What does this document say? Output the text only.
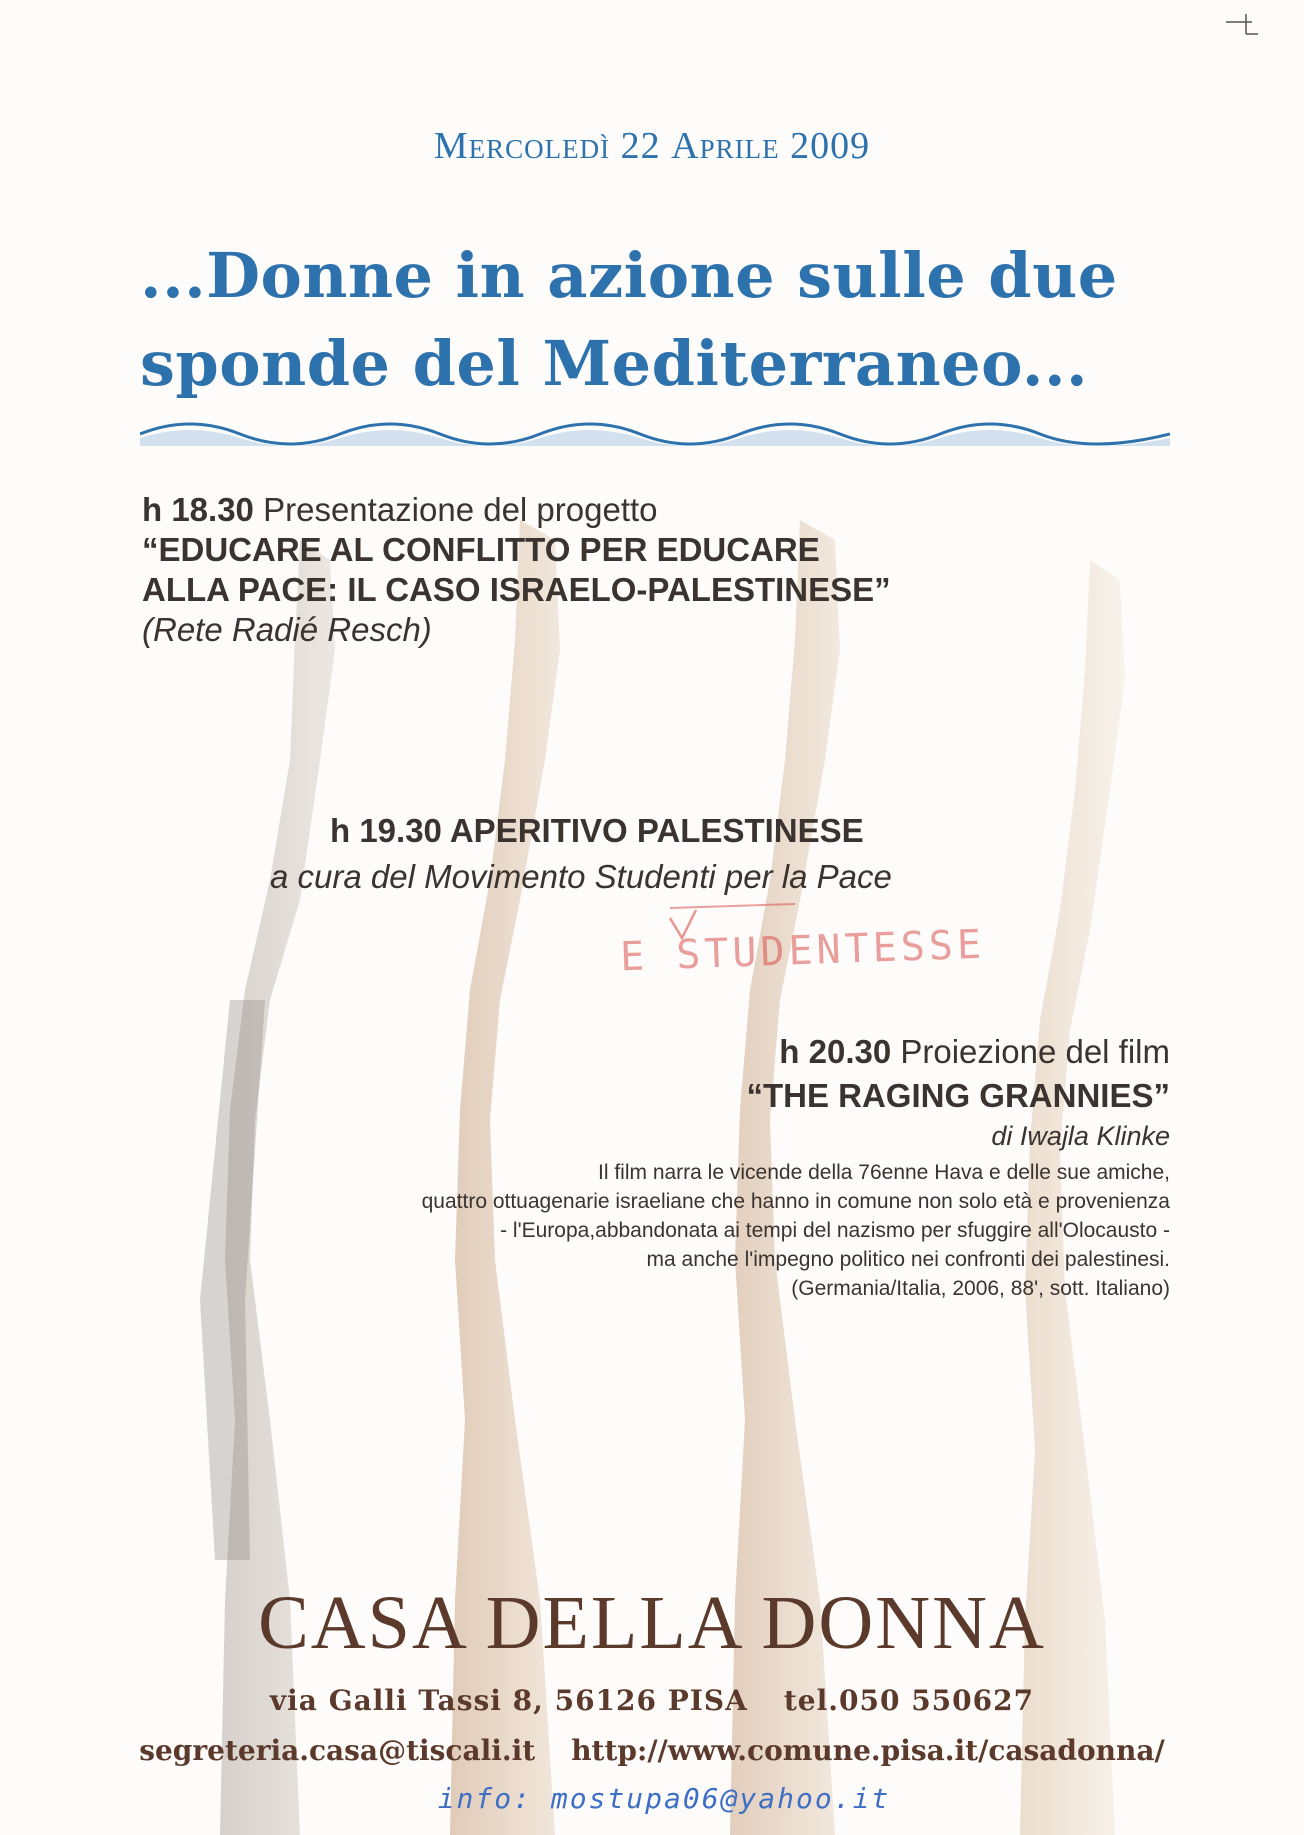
Mercoledì 22 Aprile 2009
...Donne in azione sulle due
sponde del Mediterraneo...
h 18.30 Presentazione del progetto
“EDUCARE AL CONFLITTO PER EDUCARE
ALLA PACE: IL CASO ISRAELO-PALESTINESE”
(Rete Radié Resch)
h 19.30 APERITIVO PALESTINESE
a cura del Movimento Studenti per la Pace
E STUDENTESSE
h 20.30 Proiezione del film
“THE RAGING GRANNIES”
di Iwajla Klinke
Il film narra le vicende della 76enne Hava e delle sue amiche,
quattro ottuagenarie israeliane che hanno in comune non solo età e provenienza
- l'Europa,abbandonata ai tempi del nazismo per sfuggire all'Olocausto -
ma anche l'impegno politico nei confronti dei palestinesi.
(Germania/Italia, 2006, 88', sott. Italiano)
CASA DELLA DONNA
via Galli Tassi 8, 56126 PISA tel.050 550627
segreteria.casa@tiscali.it http://www.comune.pisa.it/casadonna/
info: mostupa06@yahoo.it
